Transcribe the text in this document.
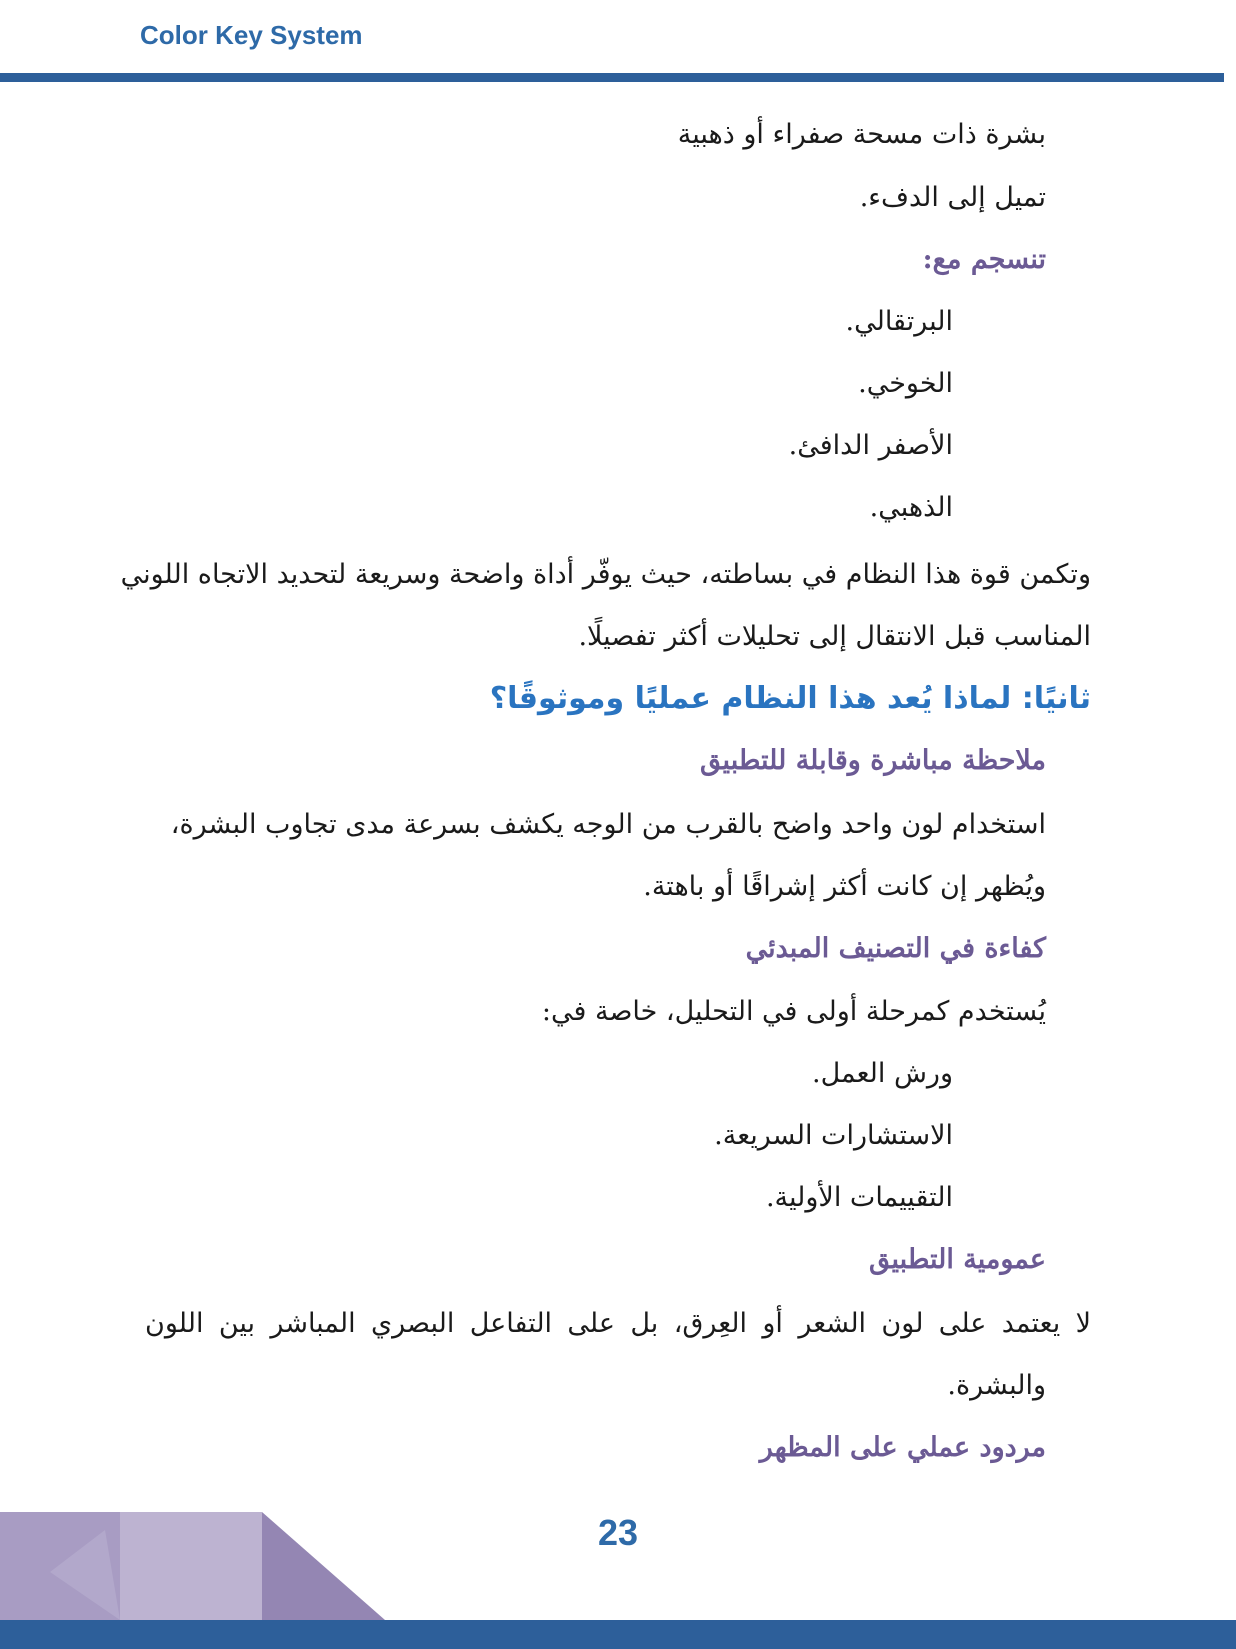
Color Key System
بشرة ذات مسحة صفراء أو ذهبية
تميل إلى الدفء.
تنسجم مع:
البرتقالي.
الخوخي.
الأصفر الدافئ.
الذهبي.
وتكمن قوة هذا النظام في بساطته، حيث يوفّر أداة واضحة وسريعة لتحديد الاتجاه اللوني
المناسب قبل الانتقال إلى تحليلات أكثر تفصيلًا.
ثانيًا: لماذا يُعد هذا النظام عمليًا وموثوقًا؟
ملاحظة مباشرة وقابلة للتطبيق
استخدام لون واحد واضح بالقرب من الوجه يكشف بسرعة مدى تجاوب البشرة،
ويُظهر إن كانت أكثر إشراقًا أو باهتة.
كفاءة في التصنيف المبدئي
يُستخدم كمرحلة أولى في التحليل، خاصة في:
ورش العمل.
الاستشارات السريعة.
التقييمات الأولية.
عمومية التطبيق
لا يعتمد على لون الشعر أو العِرق، بل على التفاعل البصري المباشر بين اللون
والبشرة.
مردود عملي على المظهر
23
